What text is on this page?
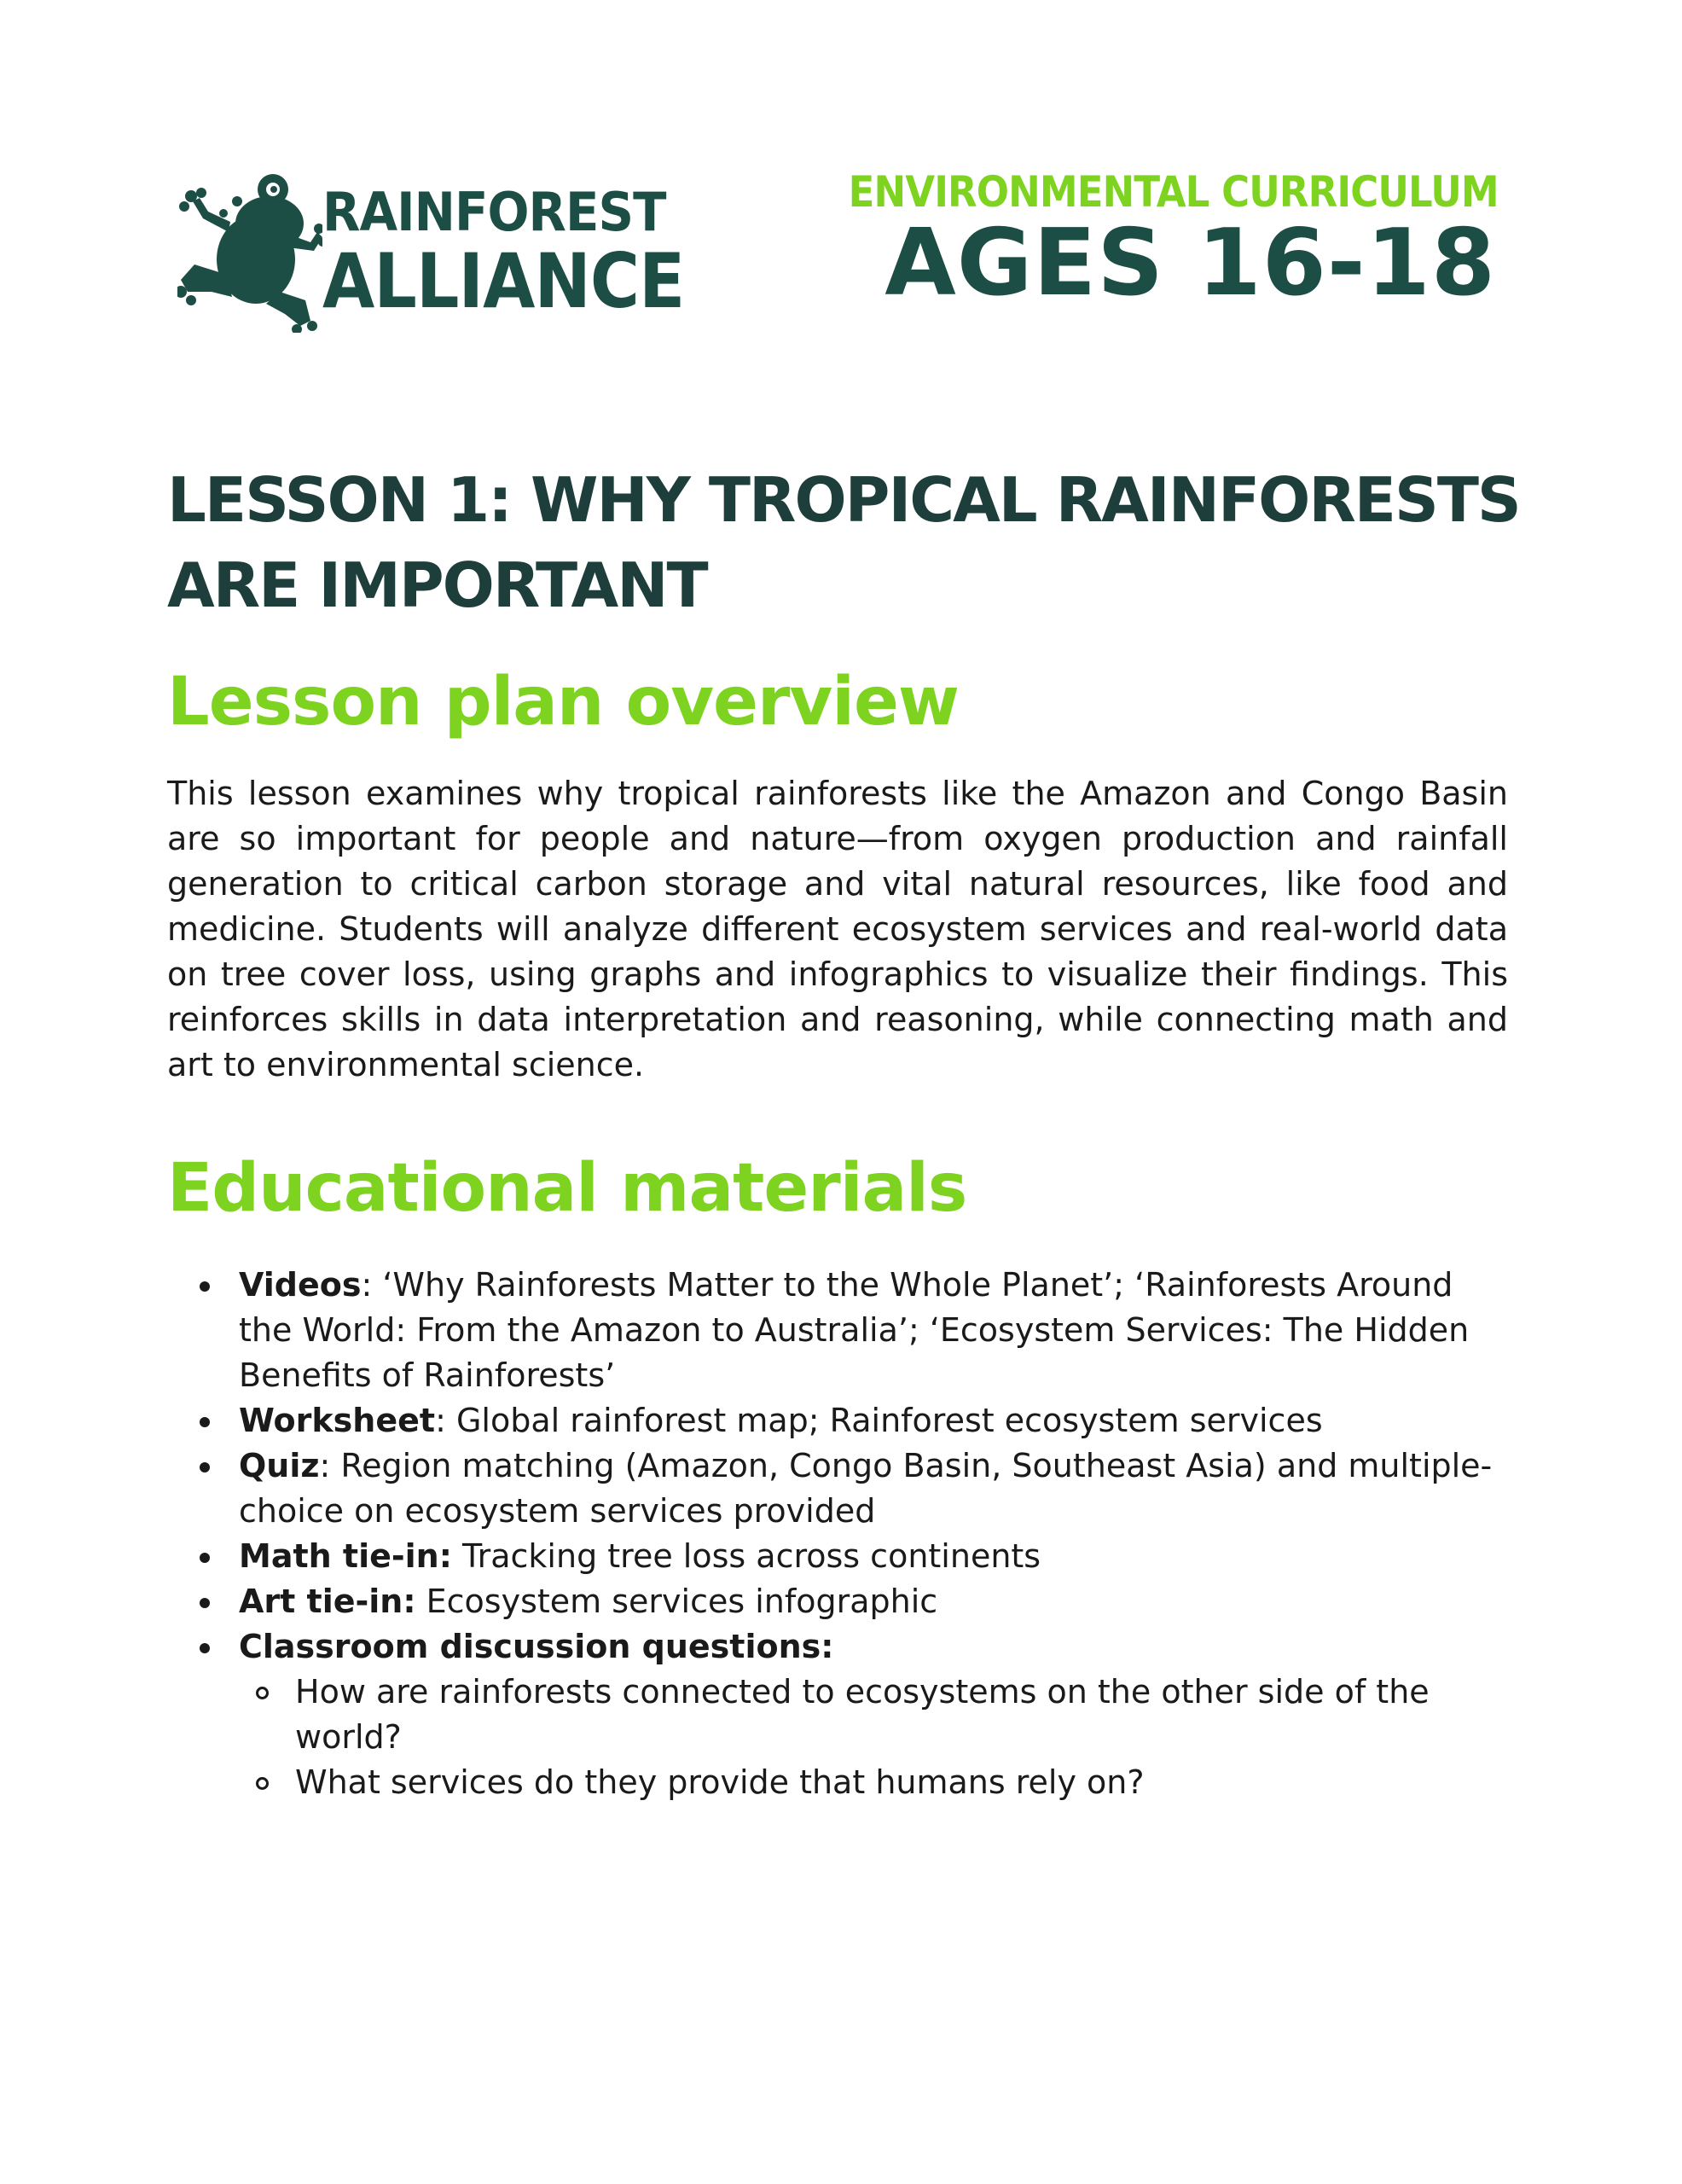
RAINFOREST
ALLIANCE
ENVIRONMENTAL CURRICULUM
AGES 16-18
LESSON 1: WHY TROPICAL RAINFORESTS ARE IMPORTANT
Lesson plan overview
This lesson examines why tropical rainforests like the Amazon and Congo Basin are so important for people and nature—from oxygen production and rainfall generation to critical carbon storage and vital natural resources, like food and medicine. Students will analyze different ecosystem services and real-world data on tree cover loss, using graphs and infographics to visualize their findings. This reinforces skills in data interpretation and reasoning, while connecting math and art to environmental science.
Educational materials
Videos: ‘Why Rainforests Matter to the Whole Planet’; ‘Rainforests Around the World: From the Amazon to Australia’; ‘Ecosystem Services: The Hidden Benefits of Rainforests’
Worksheet: Global rainforest map; Rainforest ecosystem services
Quiz: Region matching (Amazon, Congo Basin, Southeast Asia) and multiple-choice on ecosystem services provided
Math tie-in: Tracking tree loss across continents
Art tie-in: Ecosystem services infographic
Classroom discussion questions:
How are rainforests connected to ecosystems on the other side of the world?
What services do they provide that humans rely on?
